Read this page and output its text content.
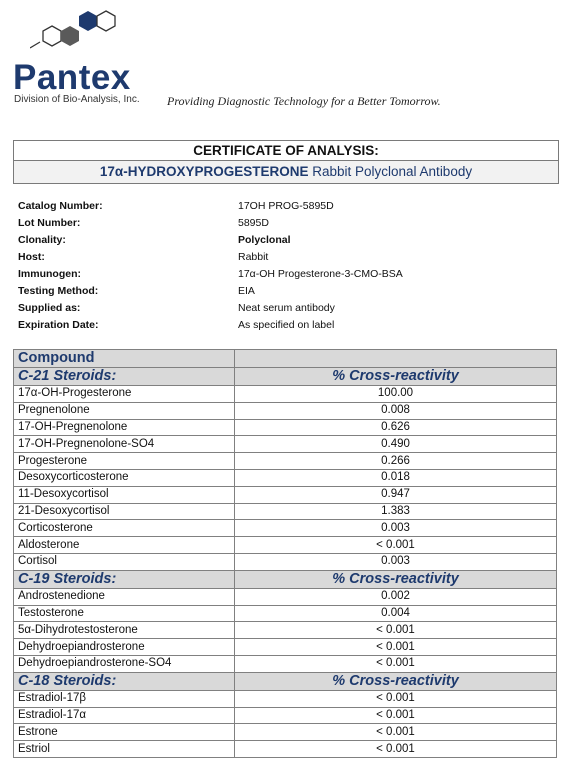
Pantex
Division of Bio-Analysis, Inc. Providing Diagnostic Technology for a Better Tomorrow.
CERTIFICATE OF ANALYSIS:
17α-HYDROXYPROGESTERONE Rabbit Polyclonal Antibody
Catalog Number:	17OH PROG-5895D
Lot Number:	5895D
Clonality:	Polyclonal
Host:	Rabbit
Immunogen:	17α-OH Progesterone-3-CMO-BSA
Testing Method:	EIA
Supplied as:	Neat serum antibody
Expiration Date:	As specified on label
Compound	
C-21 Steroids:	% Cross-reactivity
17α-OH-Progesterone	100.00
Pregnenolone	0.008
17-OH-Pregnenolone	0.626
17-OH-Pregnenolone-SO4	0.490
Progesterone	0.266
Desoxycorticosterone	0.018
11-Desoxycortisol	0.947
21-Desoxycortisol	1.383
Corticosterone	0.003
Aldosterone	< 0.001
Cortisol	0.003
C-19 Steroids:	% Cross-reactivity
Androstenedione	0.002
Testosterone	0.004
5α-Dihydrotestosterone	< 0.001
Dehydroepiandrosterone	< 0.001
Dehydroepiandrosterone-SO4	< 0.001
C-18 Steroids:	% Cross-reactivity
Estradiol-17β	< 0.001
Estradiol-17α	< 0.001
Estrone	< 0.001
Estriol	< 0.001
